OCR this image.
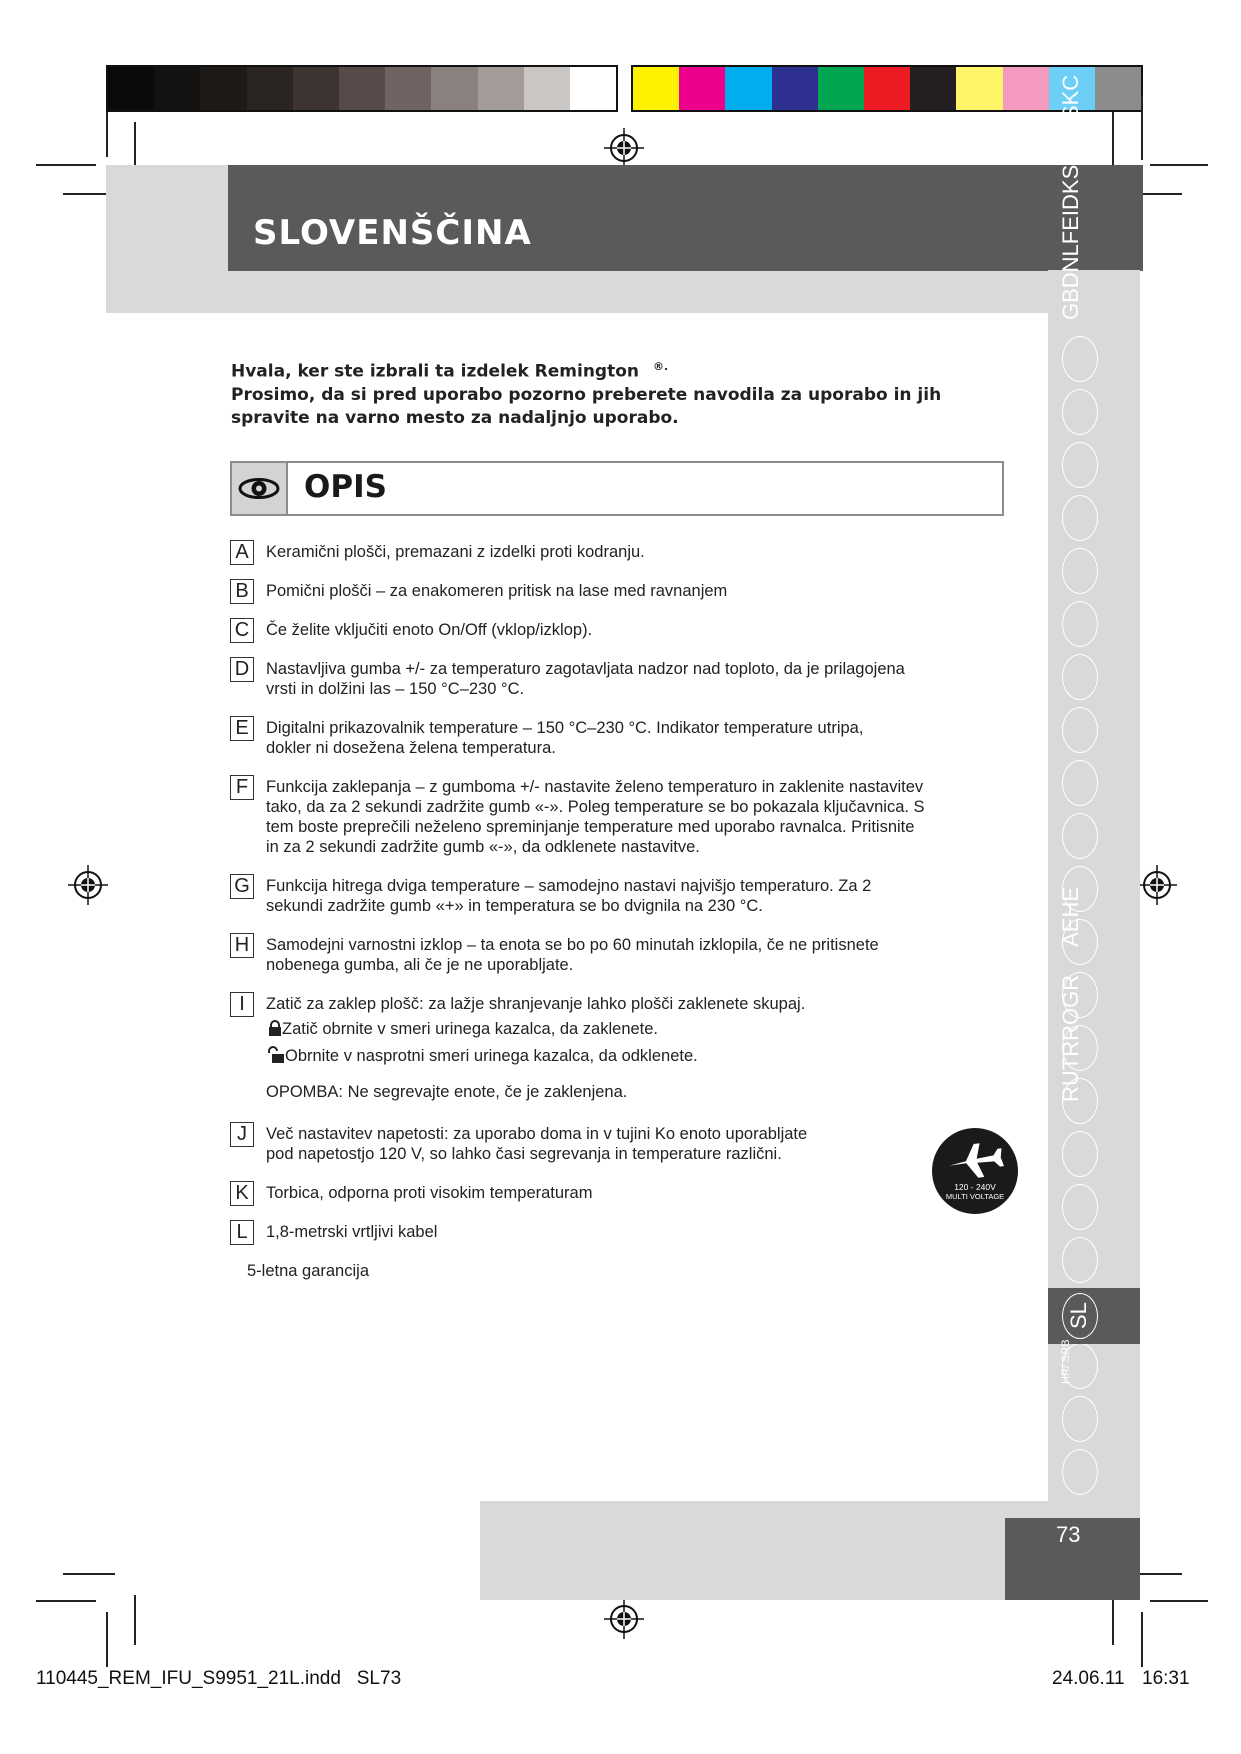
SLOVENŠČINA
73
GBDNLFEIDKSPSKC
RUTRROGRAEHE
SL
HR/ SRB
Hvala, ker ste izbrali ta izdelek Remington ®.
Prosimo, da si pred uporabo pozorno preberete navodila za uporabo in jih spravite na varno mesto za nadaljnjo uporabo.
OPIS
A	Keramični plošči, premazani z izdelki proti kodranju.
B	Pomični plošči – za enakomeren pritisk na lase med ravnanjem
C Če želite vključiti enoto On/Off (vklop/izklop).
D Nastavljiva gumba +/- za temperaturo zagotavljata nadzor nad toploto, da je prilagojena
vrsti in dolžini las – 150 °C–230 °C.
E	Digitalni prikazovalnik temperature – 150 °C–230 °C. Indikator temperature utripa,
dokler ni dosežena želena temperatura.
F	Funkcija zaklepanja – z gumboma +/- nastavite želeno temperaturo in zaklenite nastavitev
tako, da za 2 sekundi zadržite gumb «-». Poleg temperature se bo pokazala ključavnica. S
tem boste preprečili neželeno spreminjanje temperature med uporabo ravnalca. Pritisnite
in za 2 sekundi zadržite gumb «-», da odklenete nastavitve.
G Funkcija hitrega dviga temperature – samodejno nastavi najvišjo temperaturo. Za 2
sekundi zadržite gumb «+» in temperatura se bo dvignila na 230 °C.
H Samodejni varnostni izklop – ta enota se bo po 60 minutah izklopila, če ne pritisnete
nobenega gumba, ali če je ne uporabljate.
I	Zatič za zaklep plošč: za lažje shranjevanje lahko plošči zaklenete skupaj.
J	Več nastavitev napetosti: za uporabo doma in v tujini Ko enoto uporabljate
pod napetostjo 120 V, so lahko časi segrevanja in temperature različni.
K	Torbica, odporna proti visokim temperaturam
L	1,8-metrski vrtljivi kabel
Zatič obrnite v smeri urinega kazalca, da zaklenete.
Obrnite v nasprotni smeri urinega kazalca, da odklenete.
OPOMBA: Ne segrevajte enote, če je zaklenjena.
5-letna garancija
120 - 240V
MULTI VOLTAGE
110445_REM_IFU_S9951_21L.indd   SL73	24.06.11 16:31
